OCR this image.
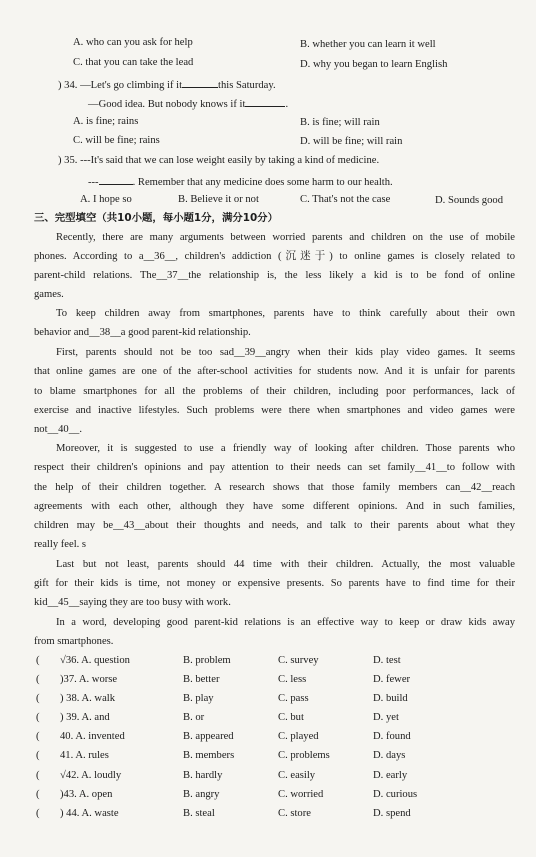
A. who can you ask for help	B. whether you can learn it well
C. that you can take the lead	D. why you began to learn English
) 34. —Let's go climbing if it	this Saturday.
—Good idea. But nobody knows if it	.
A. is fine; rains	B. is fine; will rain
C. will be fine; rains	D. will be fine; will rain
) 35. ---It's said that we can lose weight easily by taking a kind of medicine.
---	. Remember that any medicine does some harm to our health.
A. I hope so	B. Believe it or not	C. That's not the case	D. Sounds good
三、完型填空（共10小题，每小题1分，满分10分）
Recently, there are many arguments between worried parents and children on the use of mobile
phones. According to a__36__, children's addiction (沉迷于) to online games is closely related to
parent-child relations. The__37__the relationship is, the less likely a kid is to be fond of online
games.
To keep children away from smartphones, parents have to think carefully about their own
behavior and__38__a good parent-kid relationship.
First, parents should not be too sad__39__angry when their kids play video games. It seems
that online games are one of the after-school activities for students now. And it is unfair for parents
to blame smartphones for all the problems of their children, including poor performances, lack of
exercise and inactive lifestyles. Such problems were there when smartphones and video games were
not__40__.
Moreover, it is suggested to use a friendly way of looking after children. Those parents who
respect their children's opinions and pay attention to their needs can set family__41__to follow with
the help of their children together. A research shows that those family members can__42__reach
agreements with each other, although they have some different opinions. And in such families,
children may be__43__about their thoughts and needs, and talk to their parents about what they
really feel. s
Last but not least, parents should 44 time with their children. Actually, the most valuable
gift for their kids is time, not money or expensive presents. So parents have to find time for their
kid__45__saying they are too busy with work.
In a word, developing good parent-kid relations is an effective way to keep or draw kids away
from smartphones.
( √36. A. question	B. problem	C. survey	D. test
( )37. A. worse	B. better	C. less	D. fewer
( ) 38. A. walk	B. play	C. pass	D. build
( ) 39. A. and	B. or	C. but	D. yet
( 40. A. invented	B. appeared	C. played	D. found
( 41. A. rules	B. members	C. problems	D. days
( √42. A. loudly	B. hardly	C. easily	D. early
( )43. A. open	B. angry	C. worried	D. curious
( ) 44. A. waste	B. steal	C. store	D. spend
